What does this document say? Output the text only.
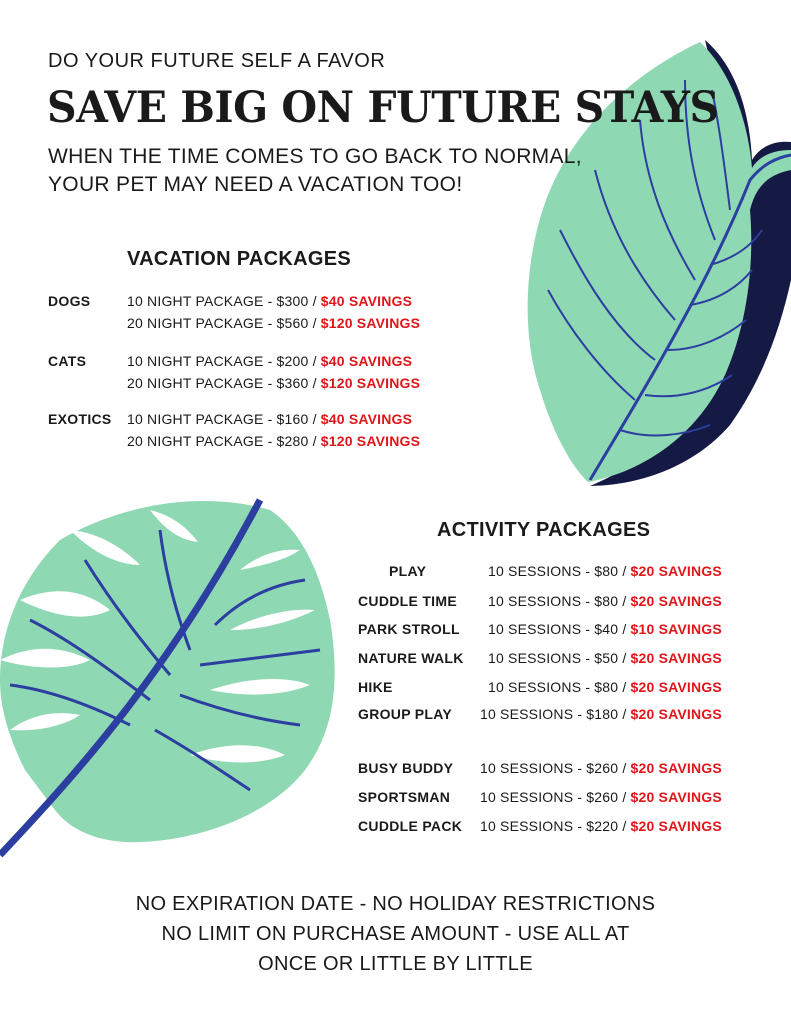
DO YOUR FUTURE SELF A FAVOR
SAVE BIG ON FUTURE STAYS
WHEN THE TIME COMES TO GO BACK TO NORMAL,
YOUR PET MAY NEED A VACATION TOO!
VACATION PACKAGES
DOGS	10 NIGHT PACKAGE - $300 / $40 SAVINGS
20 NIGHT PACKAGE - $560 / $120 SAVINGS
CATS	10 NIGHT PACKAGE - $200 / $40 SAVINGS
20 NIGHT PACKAGE - $360 / $120 SAVINGS
EXOTICS 10 NIGHT PACKAGE - $160 / $40 SAVINGS
20 NIGHT PACKAGE - $280 / $120 SAVINGS
ACTIVITY PACKAGES
PLAY	10 SESSIONS - $80 / $20 SAVINGS
CUDDLE TIME 10 SESSIONS - $80 / $20 SAVINGS
PARK STROLL 10 SESSIONS - $40 / $10 SAVINGS
NATURE WALK 10 SESSIONS - $50 / $20 SAVINGS
HIKE	10 SESSIONS - $80 / $20 SAVINGS
GROUP PLAY 10 SESSIONS - $180 / $20 SAVINGS
BUSY BUDDY 10 SESSIONS - $260 / $20 SAVINGS
SPORTSMAN 10 SESSIONS - $260 / $20 SAVINGS
CUDDLE PACK 10 SESSIONS - $220 / $20 SAVINGS
NO EXPIRATION DATE - NO HOLIDAY RESTRICTIONS
NO LIMIT ON PURCHASE AMOUNT - USE ALL AT
ONCE OR LITTLE BY LITTLE
